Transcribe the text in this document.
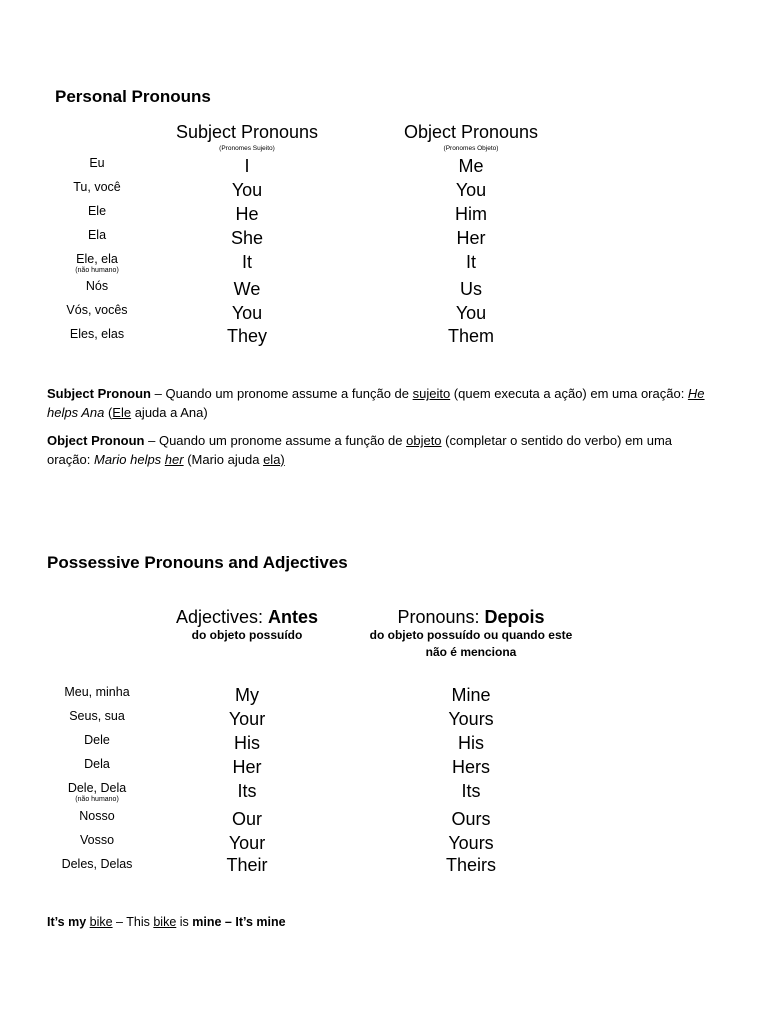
Personal Pronouns
Subject Pronouns
(Pronomes Sujeito)
Object Pronouns
(Pronomes Objeto)
Eu
Tu, você
Ele
Ela
Ele, ela
(não humano)
Nós
Vós, vocês
Eles, elas
I
You
He
She
It
We
You
They
Me
You
Him
Her
It
Us
You
Them
Subject Pronoun – Quando um pronome assume a função de sujeito (quem executa a ação) em uma oração: He helps Ana (Ele ajuda a Ana)
Object Pronoun – Quando um pronome assume a função de objeto (completar o sentido do verbo) em uma oração: Mario helps her (Mario ajuda ela)
Possessive Pronouns and Adjectives
Adjectives: Antes
do objeto possuído
Pronouns: Depois
do objeto possuído ou quando este
não é menciona
Meu, minha
Seus, sua
Dele
Dela
Dele, Dela
(não humano)
Nosso
Vosso
Deles, Delas
My
Your
His
Her
Its
Our
Your
Their
Mine
Yours
His
Hers
Its
Ours
Yours
Theirs
It’s my bike – This bike is mine – It’s mine
